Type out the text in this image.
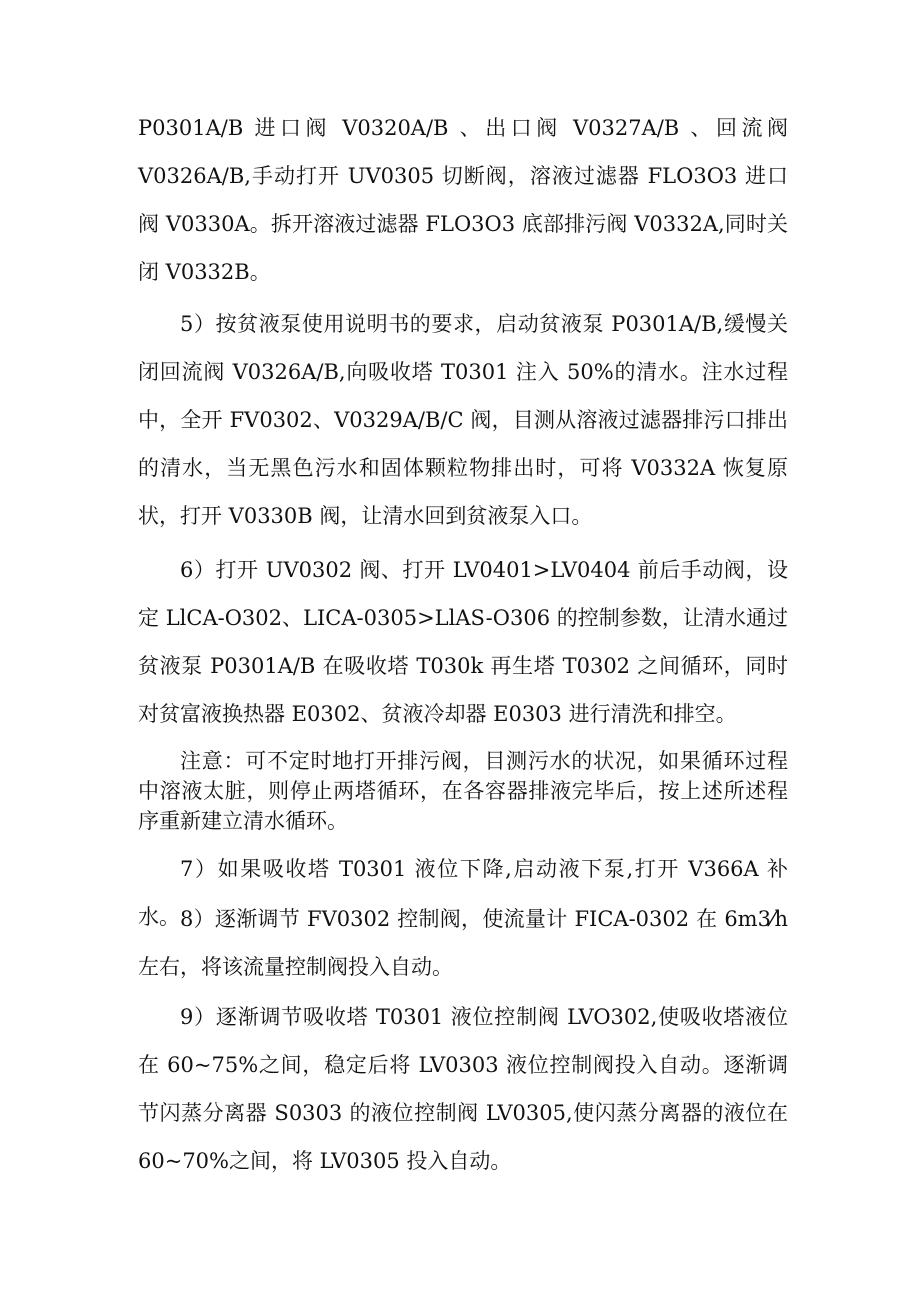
P0301A/B 进口阀 V0320A/B 、出口阀 V0327A/B 、回流阀 V0326A/B,手动打开 UV0305 切断阀，溶液过滤器 FLO3O3 进口阀 V0330A。拆开溶液过滤器 FLO3O3 底部排污阀 V0332A,同时关闭 V0332B。

5）按贫液泵使用说明书的要求，启动贫液泵 P0301A/B,缓慢关闭回流阀 V0326A/B,向吸收塔 T0301 注入 50%的清水。注水过程中，全开 FV0302、V0329A/B/C 阀，目测从溶液过滤器排污口排出的清水，当无黑色污水和固体颗粒物排出时，可将 V0332A 恢复原状，打开 V0330B 阀，让清水回到贫液泵入口。

6）打开 UV0302 阀、打开 LV0401>LV0404 前后手动阀，设定 LlCA-O302、LICA-0305>LlAS-O306 的控制参数，让清水通过贫液泵 P0301A/B 在吸收塔 T030k 再生塔 T0302 之间循环，同时对贫富液换热器 E0302、贫液冷却器 E0303 进行清洗和排空。

注意：可不定时地打开排污阀，目测污水的状况，如果循环过程中溶液太脏，则停止两塔循环，在各容器排液完毕后，按上述所述程序重新建立清水循环。

7）如果吸收塔 T0301 液位下降,启动液下泵,打开 V366A 补水。 8）逐渐调节 FV0302 控制阀，使流量计 FICA-0302 在 6m3⁄h 左右，将该流量控制阀投入自动。

9）逐渐调节吸收塔 T0301 液位控制阀 LVO302,使吸收塔液位在 60~75%之间，稳定后将 LV0303 液位控制阀投入自动。逐渐调节闪蒸分离器 S0303 的液位控制阀 LV0305,使闪蒸分离器的液位在 60~70%之间，将 LV0305 投入自动。
